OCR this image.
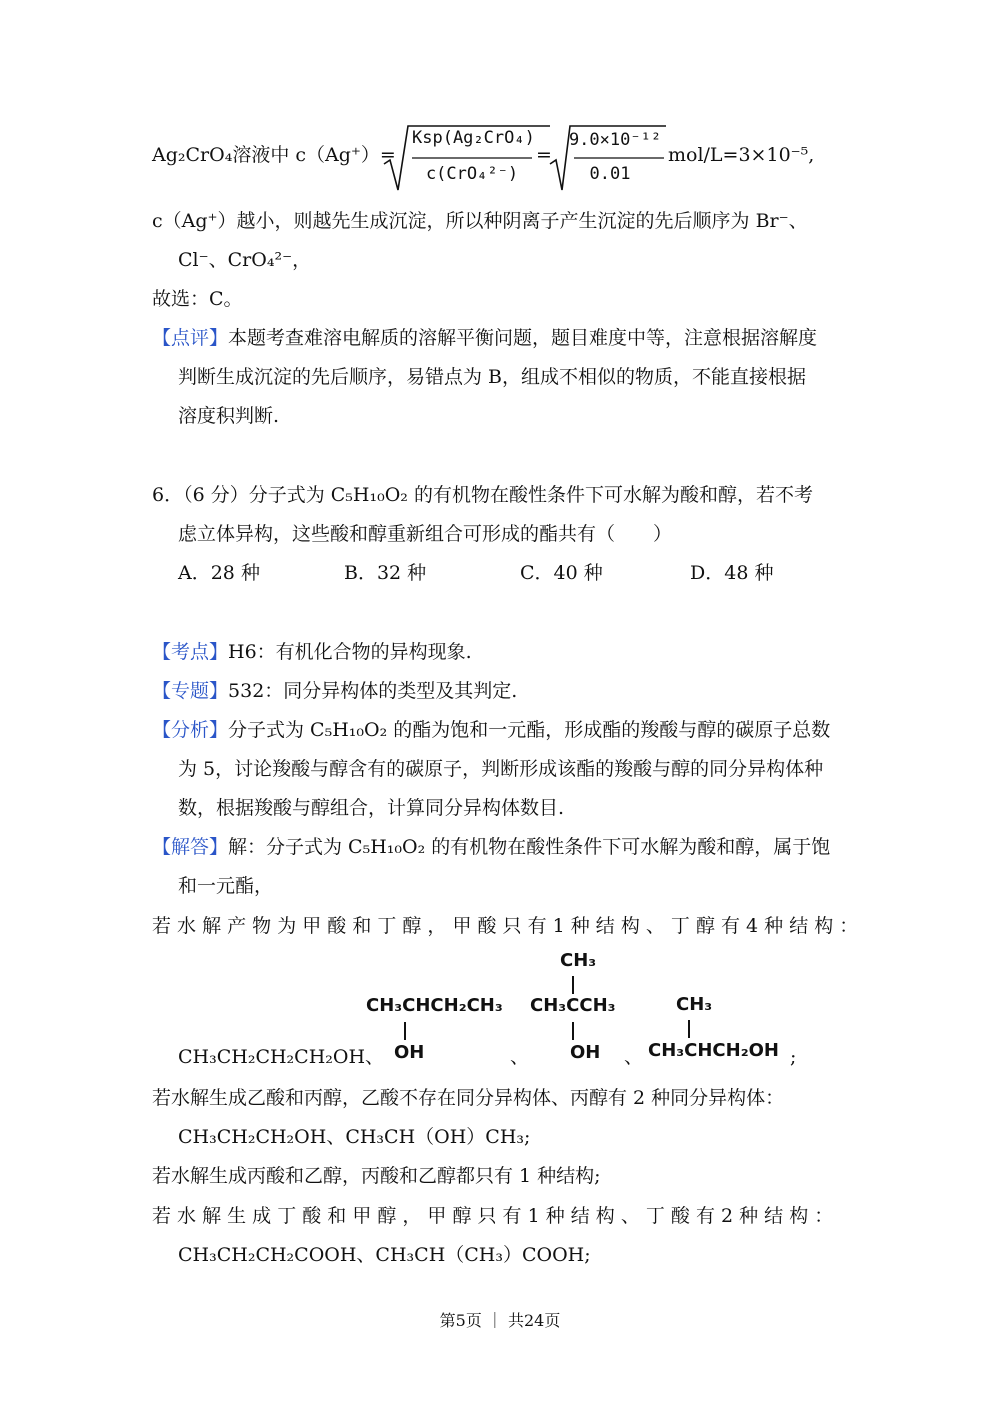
Ag₂CrO₄溶液中 c（Ag⁺）=
Ksp(Ag₂CrO₄)
c(CrO₄²⁻)
=
9.0×10⁻¹²
0.01
mol/L=3×10⁻⁵,
c（Ag⁺）越小，则越先生成沉淀，所以种阴离子产生沉淀的先后顺序为 Br⁻、
Cl⁻、CrO₄²⁻，
故选：C。
【点评】本题考查难溶电解质的溶解平衡问题，题目难度中等，注意根据溶解度
判断生成沉淀的先后顺序，易错点为 B，组成不相似的物质，不能直接根据
溶度积判断.
6．（6 分）分子式为 C₅H₁₀O₂ 的有机物在酸性条件下可水解为酸和醇，若不考
虑立体异构，这些酸和醇重新组合可形成的酯共有（　　）
A．28 种	B．32 种	C．40 种	D．48 种
【考点】H6：有机化合物的异构现象.
【专题】532：同分异构体的类型及其判定.
【分析】分子式为 C₅H₁₀O₂ 的酯为饱和一元酯，形成酯的羧酸与醇的碳原子总数
为 5，讨论羧酸与醇含有的碳原子，判断形成该酯的羧酸与醇的同分异构体种
数，根据羧酸与醇组合，计算同分异构体数目.
【解答】解：分子式为 C₅H₁₀O₂ 的有机物在酸性条件下可水解为酸和醇，属于饱
和一元酯，
若 水 解 产 物 为 甲 酸 和 丁 醇 ， 甲 酸 只 有 1 种 结 构 、 丁 醇 有 4 种 结 构 ：
CH₃CH₂CH₂CH₂OH、
CH₃CHCH₂CH₃
OH	、
CH₃
CH₃CCH₃
OH 、
CH₃
CH₃CHCH₂OH ;
若水解生成乙酸和丙醇，乙酸不存在同分异构体、丙醇有 2 种同分异构体：
CH₃CH₂CH₂OH、CH₃CH（OH）CH₃;
若水解生成丙酸和乙醇，丙酸和乙醇都只有 1 种结构;
若 水 解 生 成 丁 酸 和 甲 醇 ， 甲 醇 只 有 1 种 结 构 、 丁 酸 有 2 种 结 构 ：
CH₃CH₂CH₂COOH、CH₃CH（CH₃）COOH;
第5页 ｜ 共24页
